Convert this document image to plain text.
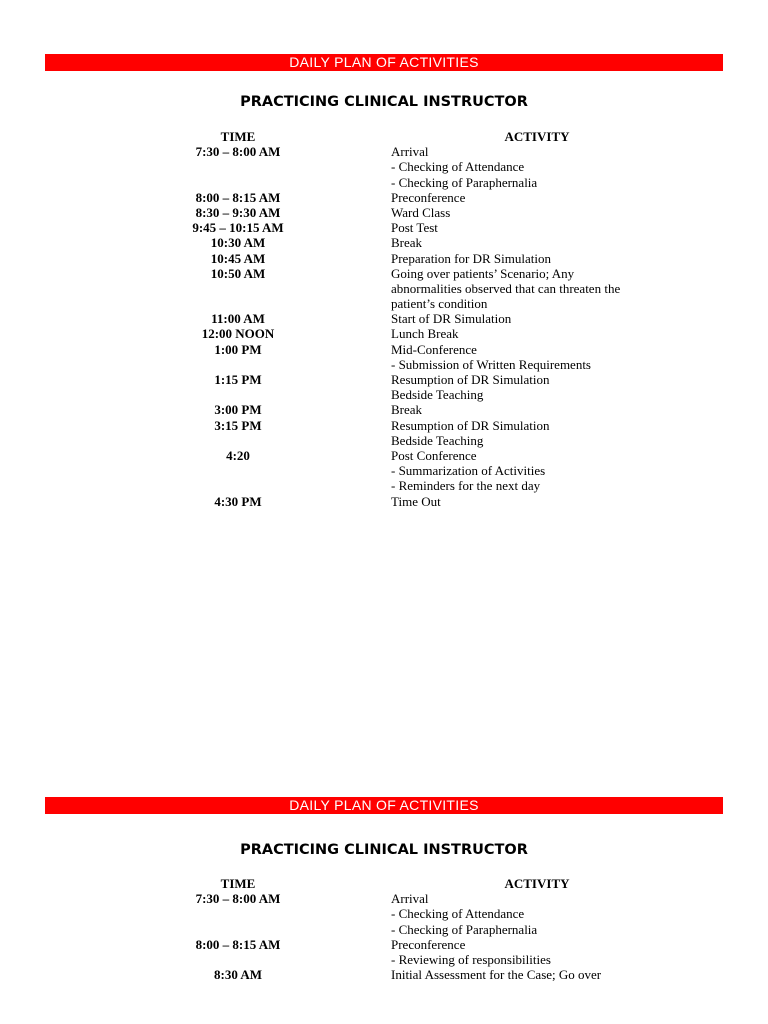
DAILY PLAN OF ACTIVITIES
PRACTICING CLINICAL INSTRUCTOR
TIME	ACTIVITY
7:30 – 8:00 AM	Arrival
- Checking of Attendance
- Checking of Paraphernalia
8:00 – 8:15 AM	Preconference
8:30 – 9:30 AM	Ward Class
9:45 – 10:15 AM	Post Test
10:30 AM	Break
10:45 AM	Preparation for DR Simulation
10:50 AM	Going over patients’ Scenario; Any
abnormalities observed that can threaten the
patient’s condition
11:00 AM	Start of DR Simulation
12:00 NOON	Lunch Break
1:00 PM	Mid-Conference
- Submission of Written Requirements
1:15 PM	Resumption of DR Simulation
Bedside Teaching
3:00 PM	Break
3:15 PM	Resumption of DR Simulation
Bedside Teaching
4:20	Post Conference
- Summarization of Activities
- Reminders for the next day
4:30 PM	Time Out
DAILY PLAN OF ACTIVITIES
PRACTICING CLINICAL INSTRUCTOR
TIME	ACTIVITY
7:30 – 8:00 AM	Arrival
- Checking of Attendance
- Checking of Paraphernalia
8:00 – 8:15 AM	Preconference
- Reviewing of responsibilities
8:30 AM	Initial Assessment for the Case; Go over
